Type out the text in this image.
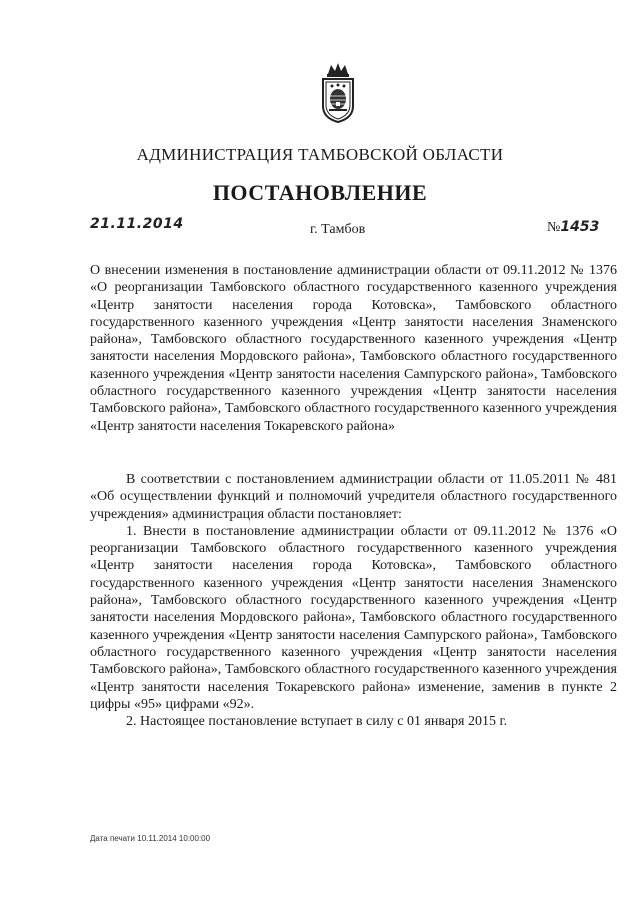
АДМИНИСТРАЦИЯ ТАМБОВСКОЙ ОБЛАСТИ
ПОСТАНОВЛЕНИЕ
21.11.2014	г. Тамбов	№1453
О внесении изменения в постановление администрации области от 09.11.2012 № 1376 «О реорганизации Тамбовского областного государственного казенного учреждения «Центр занятости населения города Котовска», Тамбовского областного государственного казенного учреждения «Центр занятости населения Знаменского района», Тамбовского областного государственного казенного учреждения «Центр занятости населения Мордовского района», Тамбовского областного государственного казенного учреждения «Центр занятости населения Сампурского района», Тамбовского областного государственного казенного учреждения «Центр занятости населения Тамбовского района», Тамбовского областного государственного казенного учреждения «Центр занятости населения Токаревского района»

В соответствии с постановлением администрации области от 11.05.2011 № 481 «Об осуществлении функций и полномочий учредителя областного государственного учреждения» администрация области постановляет:

1. Внести в постановление администрации области от 09.11.2012 № 1376 «О реорганизации Тамбовского областного государственного казенного учреждения «Центр занятости населения города Котовска», Тамбовского областного государственного казенного учреждения «Центр занятости населения Знаменского района», Тамбовского областного государственного казенного учреждения «Центр занятости населения Мордовского района», Тамбовского областного государственного казенного учреждения «Центр занятости населения Сампурского района», Тамбовского областного государственного казенного учреждения «Центр занятости населения Тамбовского района», Тамбовского областного государственного казенного учреждения «Центр занятости населения Токаревского района» изменение, заменив в пункте 2 цифры «95» цифрами «92».

2. Настоящее постановление вступает в силу с 01 января 2015 г.

Дата печати 10.11.2014 10:00:00
